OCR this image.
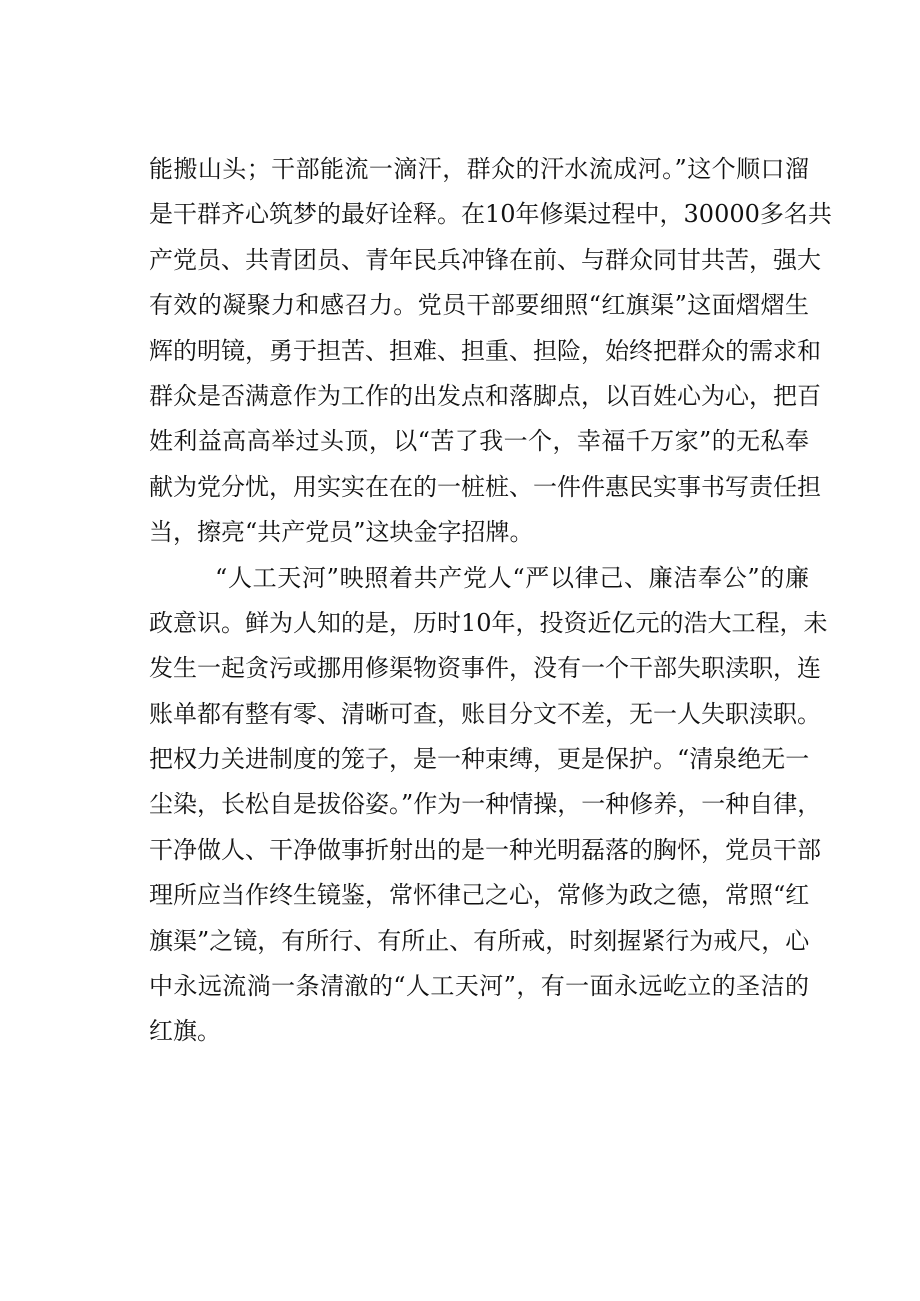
能搬山头；干部能流一滴汗，群众的汗水流成河。”这个顺口溜
是干群齐心筑梦的最好诠释。在10年修渠过程中，30000多名共
产党员、共青团员、青年民兵冲锋在前、与群众同甘共苦，强大
有效的凝聚力和感召力。党员干部要细照“红旗渠”这面熠熠生
辉的明镜，勇于担苦、担难、担重、担险，始终把群众的需求和
群众是否满意作为工作的出发点和落脚点，以百姓心为心，把百
姓利益高高举过头顶，以“苦了我一个，幸福千万家”的无私奉
献为党分忧，用实实在在的一桩桩、一件件惠民实事书写责任担
当，擦亮“共产党员”这块金字招牌。
“人工天河”映照着共产党人“严以律己、廉洁奉公”的廉
政意识。鲜为人知的是，历时10年，投资近亿元的浩大工程，未
发生一起贪污或挪用修渠物资事件，没有一个干部失职渎职，连
账单都有整有零、清晰可查，账目分文不差，无一人失职渎职。
把权力关进制度的笼子，是一种束缚，更是保护。“清泉绝无一
尘染，长松自是拔俗姿。”作为一种情操，一种修养，一种自律，
干净做人、干净做事折射出的是一种光明磊落的胸怀，党员干部
理所应当作终生镜鉴，常怀律己之心，常修为政之德，常照“红
旗渠”之镜，有所行、有所止、有所戒，时刻握紧行为戒尺，心
中永远流淌一条清澈的“人工天河”，有一面永远屹立的圣洁的
红旗。
